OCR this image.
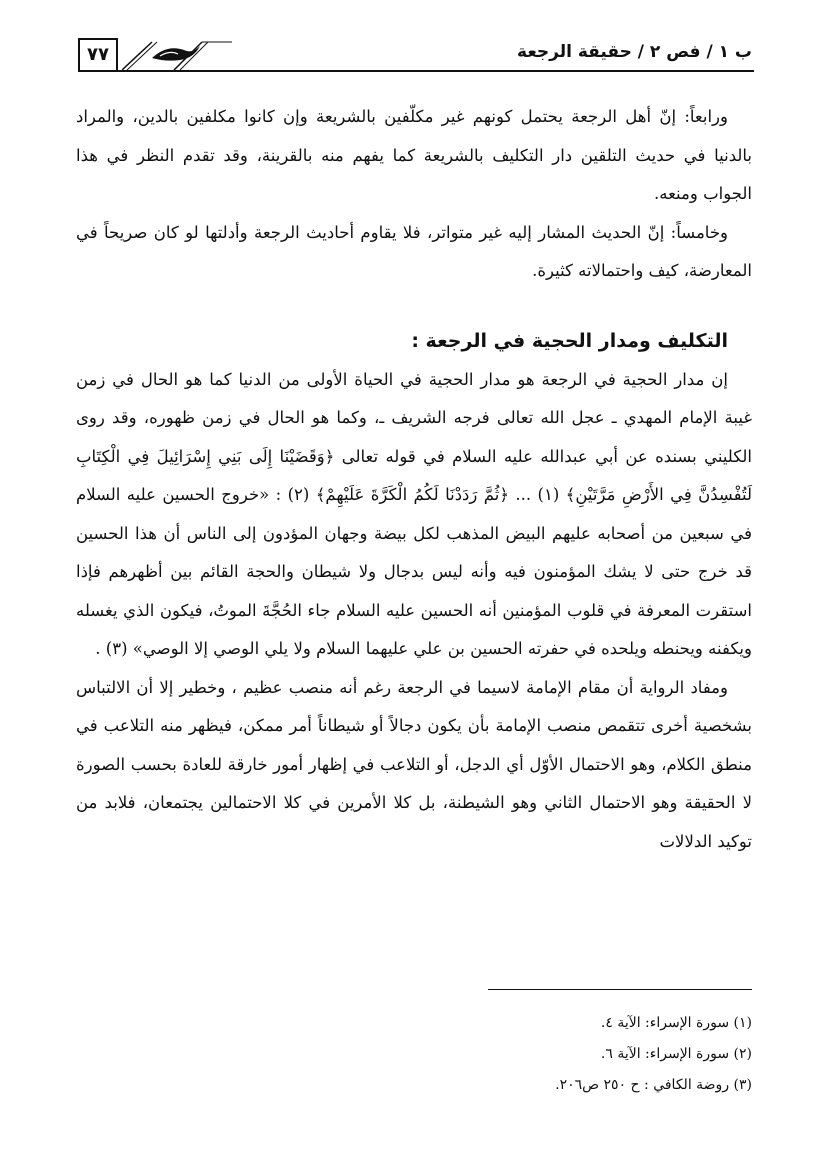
ب ١ / فص ٢ / حقيقة الرجعة
٧٧

ورابعاً: إنّ أهل الرجعة يحتمل كونهم غير مكلّفين بالشريعة وإن كانوا مكلفين بالدين، والمراد بالدنيا في حديث التلقين دار التكليف بالشريعة كما يفهم منه بالقرينة، وقد تقدم النظر في هذا الجواب ومنعه.

وخامساً: إنّ الحديث المشار إليه غير متواتر، فلا يقاوم أحاديث الرجعة وأدلتها لو كان صريحاً في المعارضة، كيف واحتمالاته كثيرة.

التكليف ومدار الحجية في الرجعة :

إن مدار الحجية في الرجعة هو مدار الحجية في الحياة الأولى من الدنيا كما هو الحال في زمن غيبة الإمام المهدي ـ عجل الله تعالى فرجه الشريف ـ، وكما هو الحال في زمن ظهوره، وقد روى الكليني بسنده عن أبي عبدالله عليه السلام في قوله تعالى ﴿وَقَضَيْنَا إِلَى بَنِي إِسْرَائِيلَ فِي الْكِتَابِ لَتُفْسِدُنَّ فِي الأَرْضِ مَرَّتَيْنِ﴾ (١) ... ﴿ثُمَّ رَدَدْنَا لَكُمُ الْكَرَّةَ عَلَيْهِمْ﴾ (٢) : «خروج الحسين عليه السلام في سبعين من أصحابه عليهم البيض المذهب لكل بيضة وجهان المؤدون إلى الناس أن هذا الحسين قد خرج حتى لا يشك المؤمنون فيه وأنه ليس بدجال ولا شيطان والحجة القائم بين أظهرهم فإذا استقرت المعرفة في قلوب المؤمنين أنه الحسين عليه السلام جاء الحُجَّةَ الموتُ، فيكون الذي يغسله ويكفنه ويحنطه ويلحده في حفرته الحسين بن علي عليهما السلام ولا يلي الوصي إلا الوصي» (٣) .

ومفاد الرواية أن مقام الإمامة لاسيما في الرجعة رغم أنه منصب عظيم ، وخطير إلا أن الالتباس بشخصية أخرى تتقمص منصب الإمامة بأن يكون دجالاً أو شيطاناً أمر ممكن، فيظهر منه التلاعب في منطق الكلام، وهو الاحتمال الأوّل أي الدجل، أو التلاعب في إظهار أمور خارقة للعادة بحسب الصورة لا الحقيقة وهو الاحتمال الثاني وهو الشيطنة، بل كلا الأمرين في كلا الاحتمالين يجتمعان، فلابد من توكيد الدلالات

(١) سورة الإسراء: الآية ٤.

(٢) سورة الإسراء: الآية ٦.

(٣) روضة الكافي : ح ٢٥٠ ص٢٠٦.
